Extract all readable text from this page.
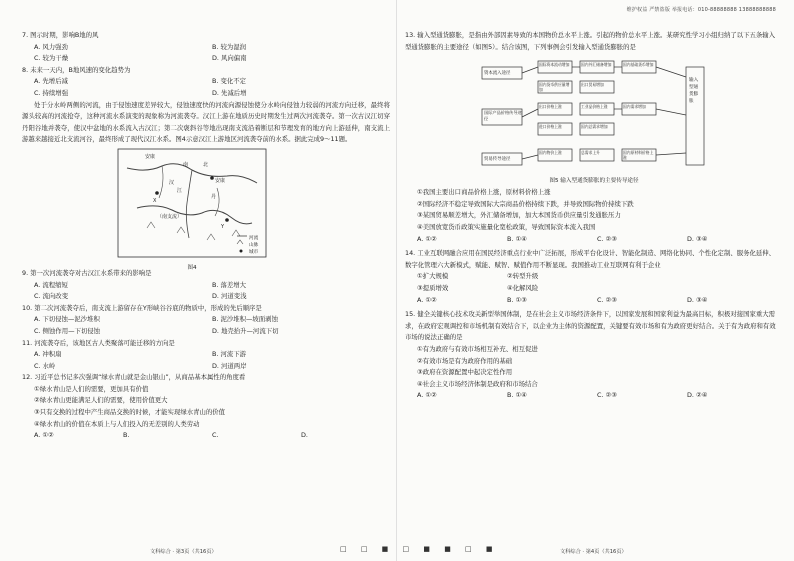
维护权益 严禁盗版 举报电话：010-88888888 13888888888

7. 图示时期，影响B地的风

A. 风力强劲	B. 较为湿润
C. 较为干燥	D. 风向偏南

8. 未来一天内，B地风速的变化趋势为

A. 先增后减	B. 变化不定
C. 持续增强	D. 先减后增

处于分水岭两侧的河流，由于侵蚀速度差异较大，侵蚀速度快的河流向源侵蚀使分水岭向侵蚀力较弱的河流方向迁移，最终将源头较高的河流抢夺，这种河流水系演变的现象称为河流袭夺。汉江上游在地质历史时期发生过两次河流袭夺。第一次古汉江切穿丹阳谷地并袭夺，使汉中盆地的水系流入古汉江；第二次褒斜谷等地出现南支流沿着断层和节理发育的地方向上游延伸，南支流上游越来越接近北支流河谷，最终形成了现代汉江水系。图4示意汉江上游地区河流袭夺前的水系。据此完成9～11题。

安康
汉
江
南	北
（南支流）
丹
X
Y
河流
山脉
城市
安康
图4

9. 第一次河流袭夺对古汉江水系带来的影响是

A. 流程缩短	B. 落差增大
C. 流向改变	D. 河道变浅

10. 第二次河流袭夺后，南支流上游留存在Y形峡谷谷底的物质中，形成的先后顺序是

A. 下切侵蚀—泥沙堆积	B. 泥沙堆积—坡面剥蚀
C. 侧蚀作用—下切侵蚀	D. 地壳抬升—河流下切

11. 河流袭夺后，该地区古人类聚落可能迁移的方向是

A. 冲积扇	B. 河流下游
C. 水岭	D. 河道两岸

12. 习近平总书记多次强调“绿水青山就是金山银山”，从商品基本属性的角度看

①绿水青山是人们的需要，更加具有价值

②绿水青山更能满足人们的需要，使用价值更大

③只有交换的过程中产生商品交换的时候，才能实现绿水青山的价值

④绿水青山的价值在本质上与人们投入的无差别的人类劳动

A. ①②	B.	C.	D.

13. 输入型通货膨胀，是指由外部因素导致的本国物价总水平上涨。引起的物价总水平上涨。某研究性学习小组归纳了以下五条输入型通货膨胀的主要途径（如图5）。结合该图，下列事例会引发输入型通货膨胀的是

资本流入途径
国际产品价格传导途径
贸易传导途径
输入型通货膨胀
国际资本流动增加	国内外汇储备增加	国内基础货币增加
国内货币供应量增加
出口贸易增加
出口价格上涨	工业品价格上涨	国内需求增加
进口价格上涨	国内总需求增加
国内物价上涨	总需求上升	国内原材料价格上涨
图5 输入型通货膨胀的主要传导途径

①我国主要出口商品价格上涨，原材料价格上涨

②国际经济不稳定导致国际大宗商品价格持续下跌，并导致国际物价持续下跌

③某国贸易顺差增大，外汇储备增加，加大本国货币供应量引发通胀压力

④美国放宽货币政策实施量化宽松政策，导致国际资本流入我国

A. ①②	B. ①④	C. ②③	D. ③④

14. 工业互联网融合应用在国民经济重点行业中广泛拓展，形成平台化设计、智能化制造、网络化协同、个性化定制、服务化延伸、数字化管理六大新模式，赋能、赋智、赋值作用不断显现。我国推动工业互联网有利于企业

①扩大规模	②转型升级
③提质增效	④化解风险
A. ①②	B. ①③	C. ②③	D. ③④

15. 健全关键核心技术攻关新型举国体制，是在社会主义市场经济条件下，以国家发展和国家利益为最高目标，积极对接国家重大需求，在政府宏观调控和市场机制有效结合下，以企业为主体的资源配置，关键要有效市场和有为政府更好结合。关于有为政府和有效市场的说法正确的是

①有为政府与有效市场相互补充、相互促进

②有效市场是有为政府作用的基础

③政府在资源配置中起决定性作用

④社会主义市场经济体制是政府和市场结合

A. ①②	B. ①④	C. ②③	D. ②④
文科综合 · 第3页（共16页）	□ □ ■ □ ■ ■ □ ■	文科综合 · 第4页（共16页）
